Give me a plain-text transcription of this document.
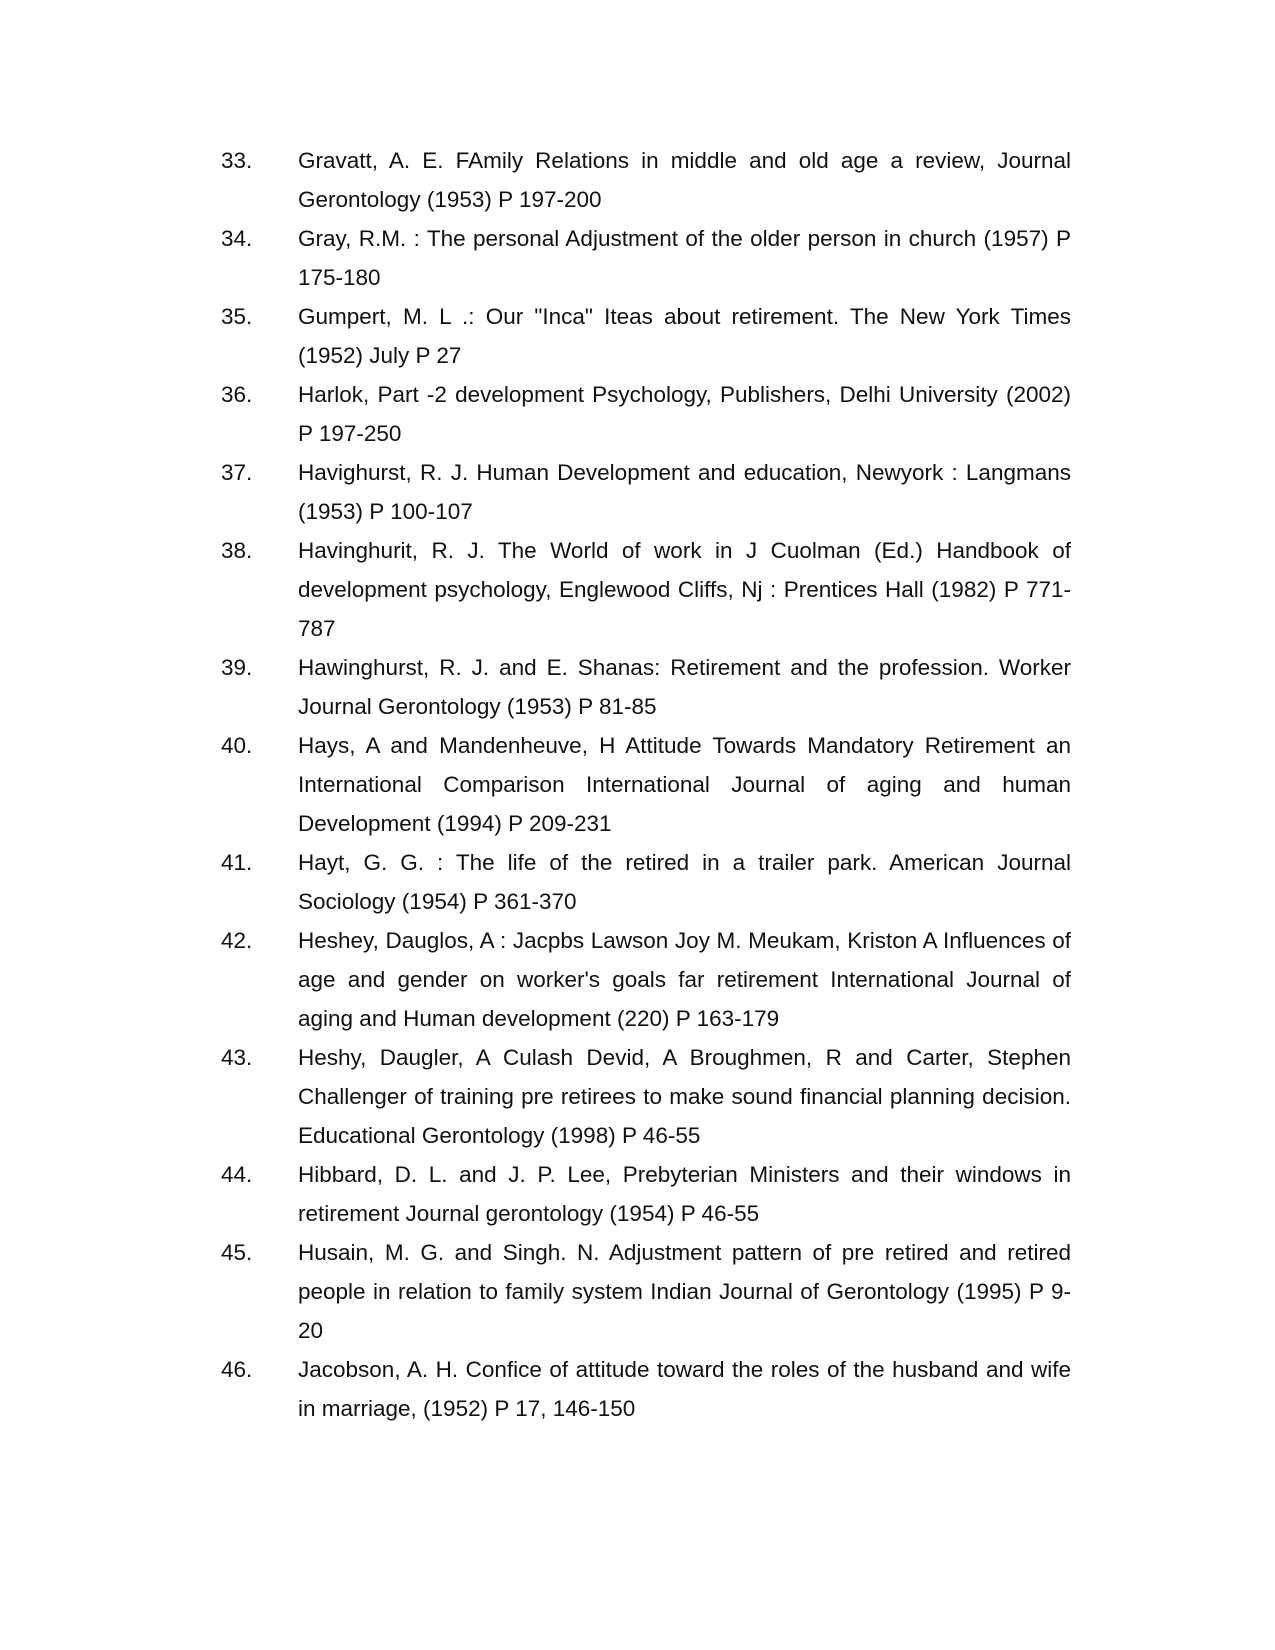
33.	Gravatt, A. E. FAmily Relations in middle and old age a review, Journal Gerontology (1953) P 197-200
34.	Gray, R.M. : The personal Adjustment of the older person in church (1957) P 175-180
35.	Gumpert, M. L .: Our "Inca" Iteas about retirement. The New York Times (1952) July P 27
36.	Harlok, Part -2 development Psychology, Publishers, Delhi University (2002) P 197-250
37.	Havighurst, R. J. Human Development and education, Newyork : Langmans (1953) P 100-107
38.	Havinghurit, R. J. The World of work in J Cuolman (Ed.) Handbook of development psychology, Englewood Cliffs, Nj : Prentices Hall (1982) P 771-787
39.	Hawinghurst, R. J. and E. Shanas: Retirement and the profession. Worker Journal Gerontology (1953) P 81-85
40.	Hays, A and Mandenheuve, H Attitude Towards Mandatory Retirement an International Comparison International Journal of aging and human Development (1994) P 209-231
41.	Hayt, G. G. : The life of the retired in a trailer park. American Journal Sociology (1954) P 361-370
42.	Heshey, Dauglos, A : Jacpbs Lawson Joy M. Meukam, Kriston A Influences of age and gender on worker's goals far retirement International Journal of aging and Human development (220) P 163-179
43.	Heshy, Daugler, A Culash Devid, A Broughmen, R and Carter, Stephen Challenger of training pre retirees to make sound financial planning decision. Educational Gerontology (1998) P 46-55
44.	Hibbard, D. L. and J. P. Lee, Prebyterian Ministers and their windows in retirement Journal gerontology (1954) P 46-55
45.	Husain, M. G. and Singh. N. Adjustment pattern of pre retired and retired people in relation to family system Indian Journal of Gerontology (1995) P 9-20
46.	Jacobson, A. H. Confice of attitude toward the roles of the husband and wife in marriage, (1952) P 17, 146-150
